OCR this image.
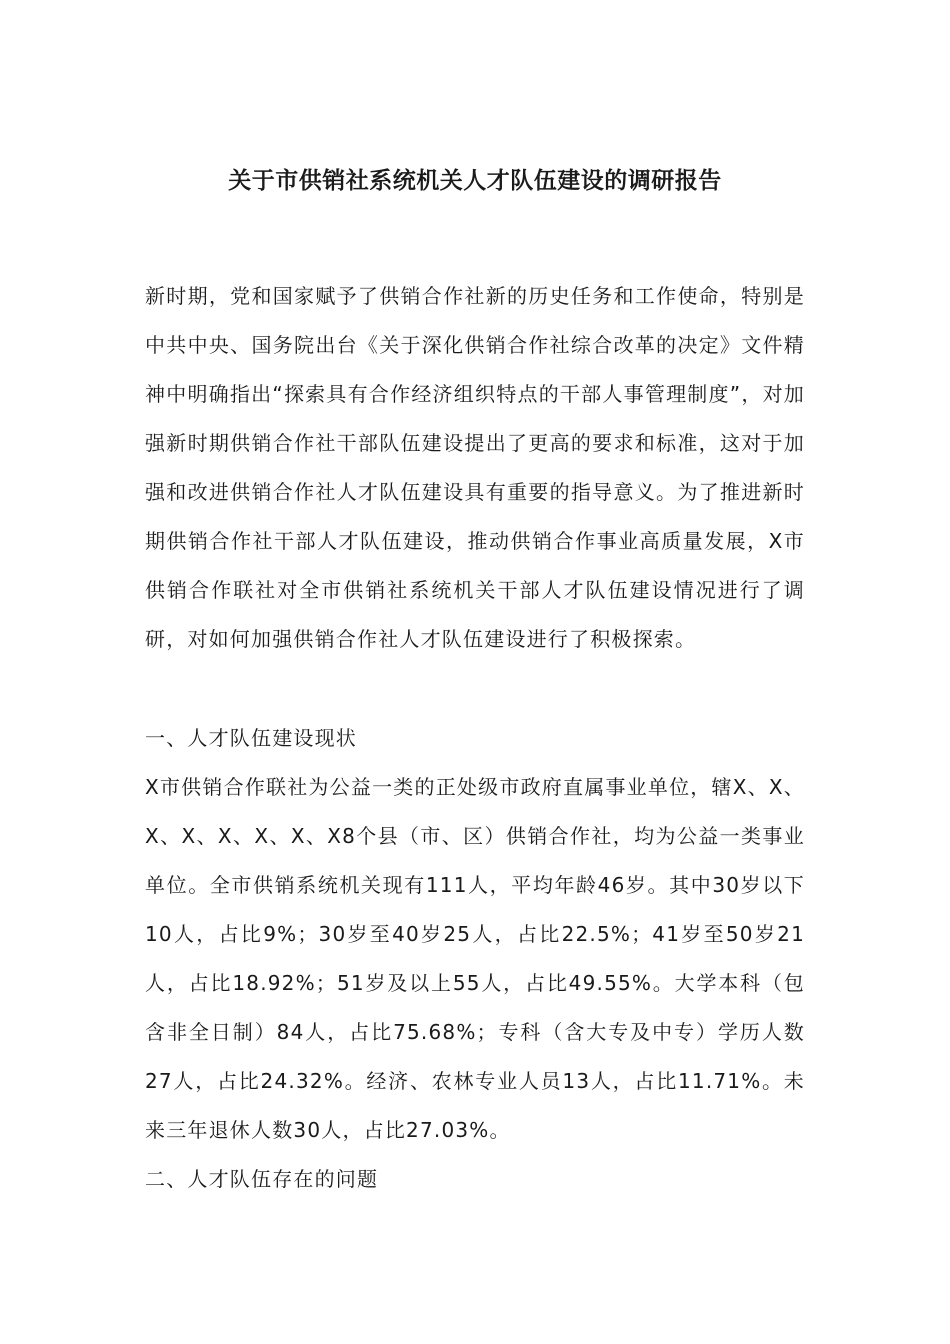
关于市供销社系统机关人才队伍建设的调研报告

新时期，党和国家赋予了供销合作社新的历史任务和工作使命，特别是中共中央、国务院出台《关于深化供销合作社综合改革的决定》文件精神中明确指出“探索具有合作经济组织特点的干部人事管理制度”，对加强新时期供销合作社干部队伍建设提出了更高的要求和标准，这对于加强和改进供销合作社人才队伍建设具有重要的指导意义。为了推进新时期供销合作社干部人才队伍建设，推动供销合作事业高质量发展，X市供销合作联社对全市供销社系统机关干部人才队伍建设情况进行了调研，对如何加强供销合作社人才队伍建设进行了积极探索。

一、人才队伍建设现状

X市供销合作联社为公益一类的正处级市政府直属事业单位，辖X、X、X、X、X、X、X、X8个县（市、区）供销合作社，均为公益一类事业单位。全市供销系统机关现有111人，平均年龄46岁。其中30岁以下10人，占比9%；30岁至40岁25人，占比22.5%；41岁至50岁21人，占比18.92%；51岁及以上55人，占比49.55%。大学本科（包含非全日制）84人，占比75.68%；专科（含大专及中专）学历人数27人，占比24.32%。经济、农林专业人员13人，占比11.71%。未来三年退休人数30人，占比27.03%。

二、人才队伍存在的问题
